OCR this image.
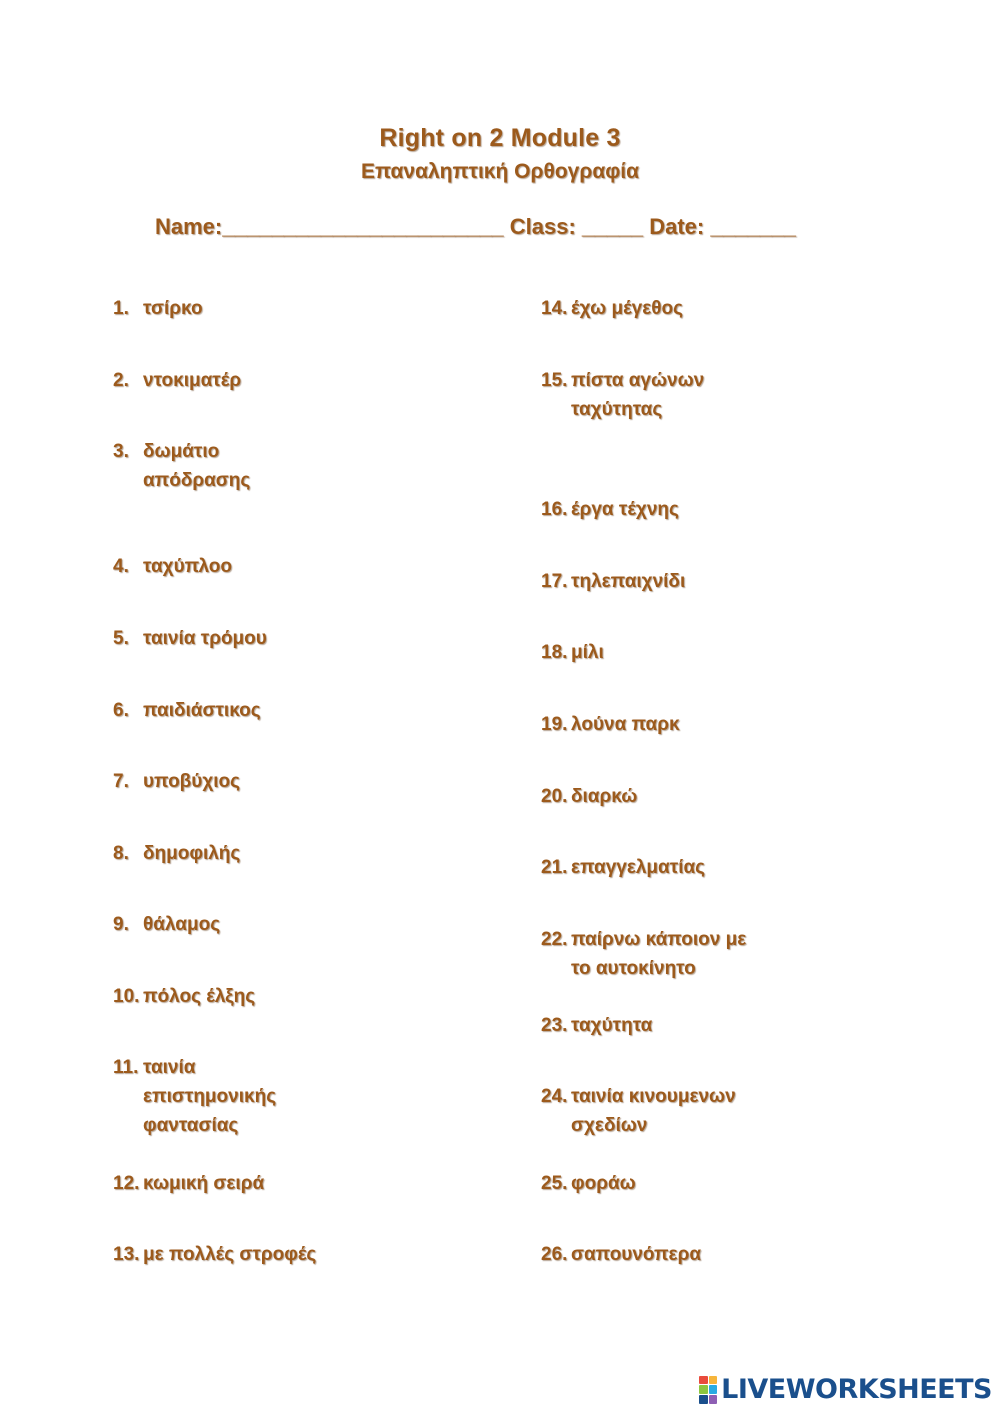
Right on 2 Module 3
Επαναληπτική Ορθογραφία
Name:_______________________ Class: _____ Date: _______
1. τσίρκο
2. ντοκιματέρ
3. δωμάτιο
απόδρασης
4. ταχύπλοο
5. ταινία τρόμου
6. παιδιάστικος
7. υποβύχιος
8. δημοφιλής
9. θάλαμος
10. πόλος έλξης
11. ταινία
επιστημονικής
φαντασίας
12. κωμική σειρά
13. με πολλές στροφές
14. έχω μέγεθος
15. πίστα αγώνων
ταχύτητας
16. έργα τέχνης
17. τηλεπαιχνίδι
18. μίλι
19. λούνα παρκ
20. διαρκώ
21. επαγγελματίας
22. παίρνω κάποιον με
το αυτοκίνητο
23. ταχύτητα
24. ταινία κινουμενων
σχεδίων
25. φοράω
26. σαπουνόπερα
LIVEWORKSHEETS
